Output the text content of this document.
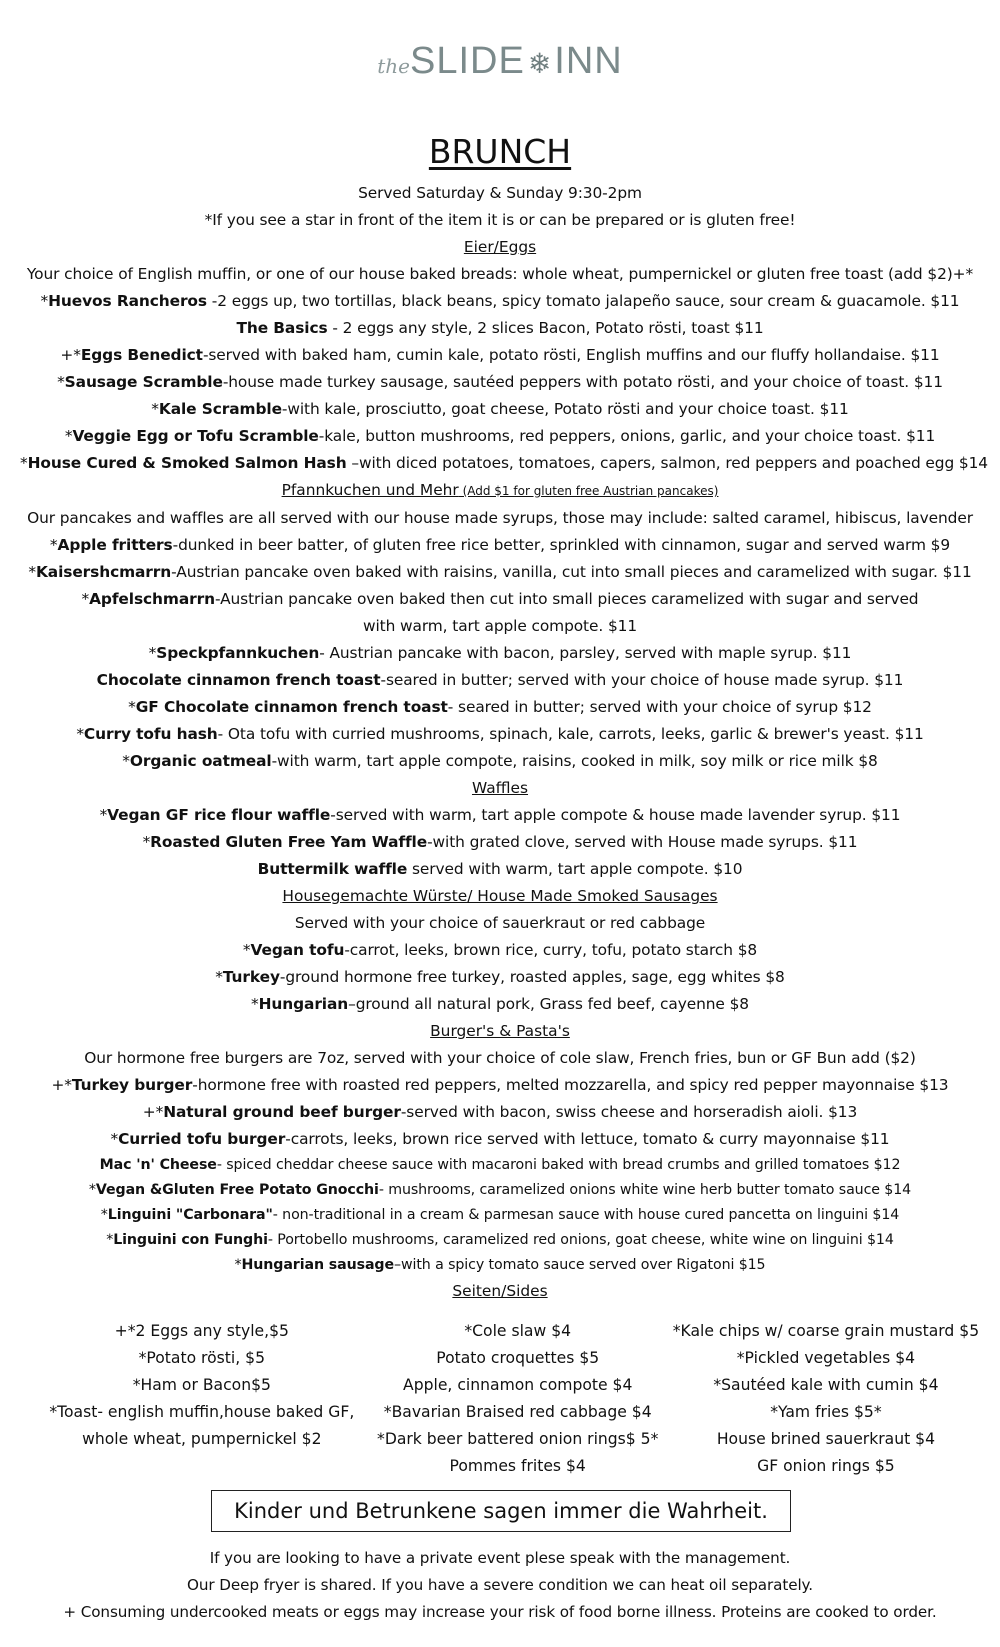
theSLIDE ❄INN
BRUNCH
Served Saturday & Sunday 9:30-2pm
*If you see a star in front of the item it is or can be prepared or is gluten free!
Eier/Eggs
Your choice of English muffin, or one of our house baked breads: whole wheat, pumpernickel or gluten free toast (add $2)+*
*Huevos Rancheros -2 eggs up, two tortillas, black beans, spicy tomato jalapeño sauce, sour cream & guacamole. $11
The Basics - 2 eggs any style, 2 slices Bacon, Potato rösti, toast $11
+*Eggs Benedict-served with baked ham, cumin kale, potato rösti, English muffins and our fluffy hollandaise. $11
*Sausage Scramble-house made turkey sausage, sautéed peppers with potato rösti, and your choice of toast. $11
*Kale Scramble-with kale, prosciutto, goat cheese, Potato rösti and your choice toast. $11
*Veggie Egg or Tofu Scramble-kale, button mushrooms, red peppers, onions, garlic, and your choice toast. $11
*House Cured & Smoked Salmon Hash –with diced potatoes, tomatoes, capers, salmon, red peppers and poached egg $14
Pfannkuchen und Mehr (Add $1 for gluten free Austrian pancakes)
Our pancakes and waffles are all served with our house made syrups, those may include: salted caramel, hibiscus, lavender
*Apple fritters-dunked in beer batter, of gluten free rice better, sprinkled with cinnamon, sugar and served warm $9
*Kaisershcmarrn-Austrian pancake oven baked with raisins, vanilla, cut into small pieces and caramelized with sugar. $11
*Apfelschmarrn-Austrian pancake oven baked then cut into small pieces caramelized with sugar and served with warm, tart apple compote. $11
*Speckpfannkuchen- Austrian pancake with bacon, parsley, served with maple syrup. $11
Chocolate cinnamon french toast-seared in butter; served with your choice of house made syrup. $11
*GF Chocolate cinnamon french toast- seared in butter; served with your choice of syrup $12
*Curry tofu hash- Ota tofu with curried mushrooms, spinach, kale, carrots, leeks, garlic & brewer's yeast. $11
*Organic oatmeal-with warm, tart apple compote, raisins, cooked in milk, soy milk or rice milk $8
Waffles
*Vegan GF rice flour waffle-served with warm, tart apple compote & house made lavender syrup. $11
*Roasted Gluten Free Yam Waffle-with grated clove, served with House made syrups. $11
Buttermilk waffle served with warm, tart apple compote. $10
Housegemachte Würste/ House Made Smoked Sausages
Served with your choice of sauerkraut or red cabbage
*Vegan tofu-carrot, leeks, brown rice, curry, tofu, potato starch $8
*Turkey-ground hormone free turkey, roasted apples, sage, egg whites $8
*Hungarian–ground all natural pork, Grass fed beef, cayenne $8
Burger's & Pasta's
Our hormone free burgers are 7oz, served with your choice of cole slaw, French fries, bun or GF Bun add ($2)
+*Turkey burger-hormone free with roasted red peppers, melted mozzarella, and spicy red pepper mayonnaise $13
+*Natural ground beef burger-served with bacon, swiss cheese and horseradish aioli. $13
*Curried tofu burger-carrots, leeks, brown rice served with lettuce, tomato & curry mayonnaise $11
Mac 'n' Cheese- spiced cheddar cheese sauce with macaroni baked with bread crumbs and grilled tomatoes $12
*Vegan &Gluten Free Potato Gnocchi- mushrooms, caramelized onions white wine herb butter tomato sauce $14
*Linguini "Carbonara"- non-traditional in a cream & parmesan sauce with house cured pancetta on linguini $14
*Linguini con Funghi- Portobello mushrooms, caramelized red onions, goat cheese, white wine on linguini $14
*Hungarian sausage–with a spicy tomato sauce served over Rigatoni $15
Seiten/Sides
+*2 Eggs any style,$5
*Potato rösti, $5
*Ham or Bacon$5
*Toast- english muffin,house baked GF,
whole wheat, pumpernickel $2
*Cole slaw $4
Potato croquettes $5
Apple, cinnamon compote $4
*Bavarian Braised red cabbage $4
*Dark beer battered onion rings$ 5*
Pommes frites $4
*Kale chips w/ coarse grain mustard $5
*Pickled vegetables $4
*Sautéed kale with cumin $4
*Yam fries $5*
House brined sauerkraut $4
GF onion rings $5
Kinder und Betrunkene sagen immer die Wahrheit.
If you are looking to have a private event plese speak with the management.
Our Deep fryer is shared. If you have a severe condition we can heat oil separately.
+ Consuming undercooked meats or eggs may increase your risk of food borne illness. Proteins are cooked to order.
